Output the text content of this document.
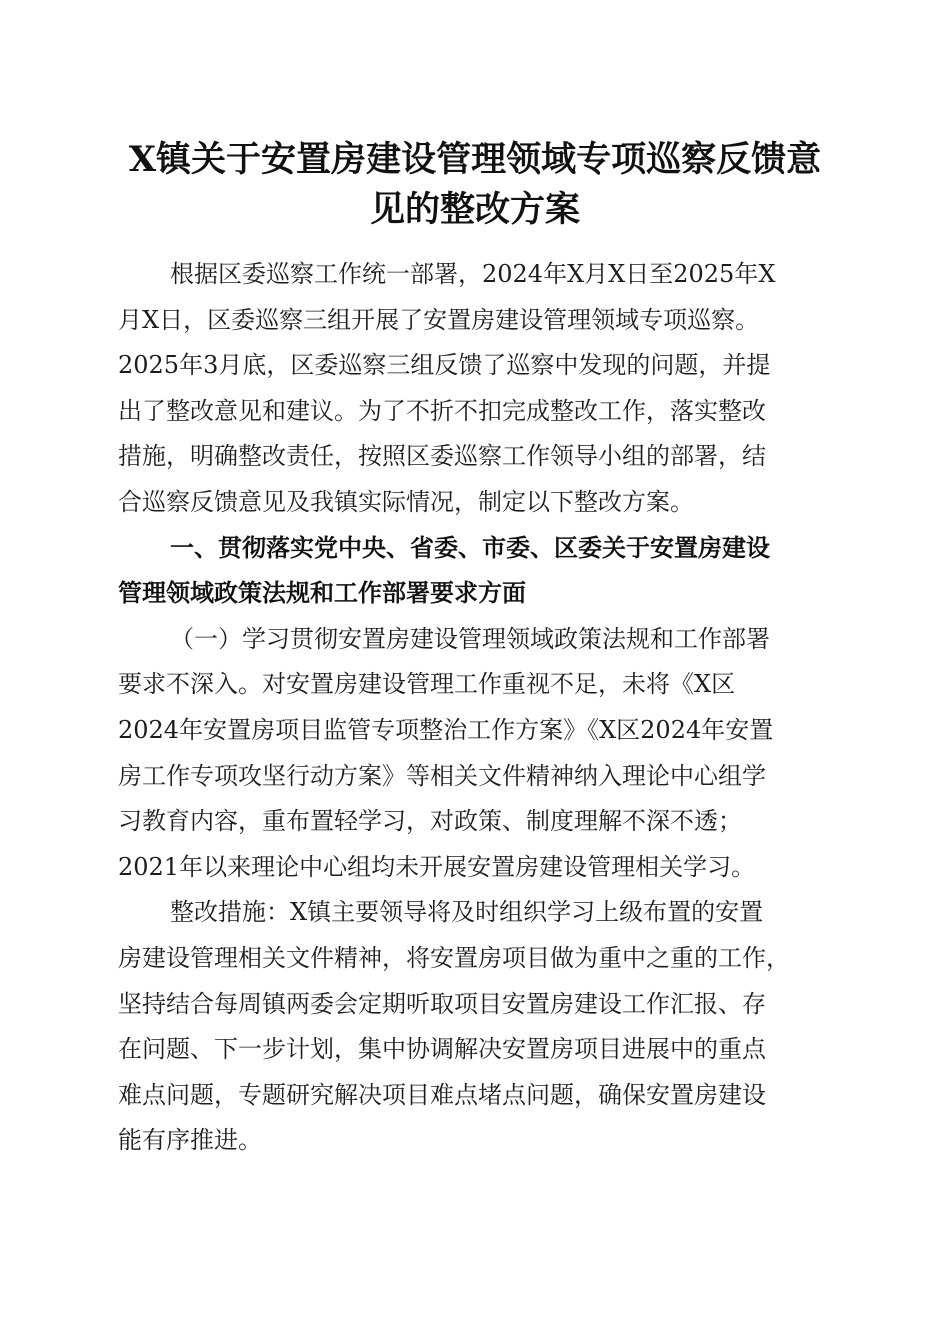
X镇关于安置房建设管理领域专项巡察反馈意
见的整改方案
根据区委巡察工作统一部署，2024年X月X日至2025年X
月X日，区委巡察三组开展了安置房建设管理领域专项巡察。
2025年3月底，区委巡察三组反馈了巡察中发现的问题，并提
出了整改意见和建议。为了不折不扣完成整改工作，落实整改
措施，明确整改责任，按照区委巡察工作领导小组的部署，结
合巡察反馈意见及我镇实际情况，制定以下整改方案。
一、贯彻落实党中央、省委、市委、区委关于安置房建设
管理领域政策法规和工作部署要求方面
（一）学习贯彻安置房建设管理领域政策法规和工作部署
要求不深入。对安置房建设管理工作重视不足，未将《X区
2024年安置房项目监管专项整治工作方案》《X区2024年安置
房工作专项攻坚行动方案》等相关文件精神纳入理论中心组学
习教育内容，重布置轻学习，对政策、制度理解不深不透；
2021年以来理论中心组均未开展安置房建设管理相关学习。
整改措施：X镇主要领导将及时组织学习上级布置的安置
房建设管理相关文件精神，将安置房项目做为重中之重的工作，
坚持结合每周镇两委会定期听取项目安置房建设工作汇报、存
在问题、下一步计划，集中协调解决安置房项目进展中的重点
难点问题，专题研究解决项目难点堵点问题，确保安置房建设
能有序推进。
